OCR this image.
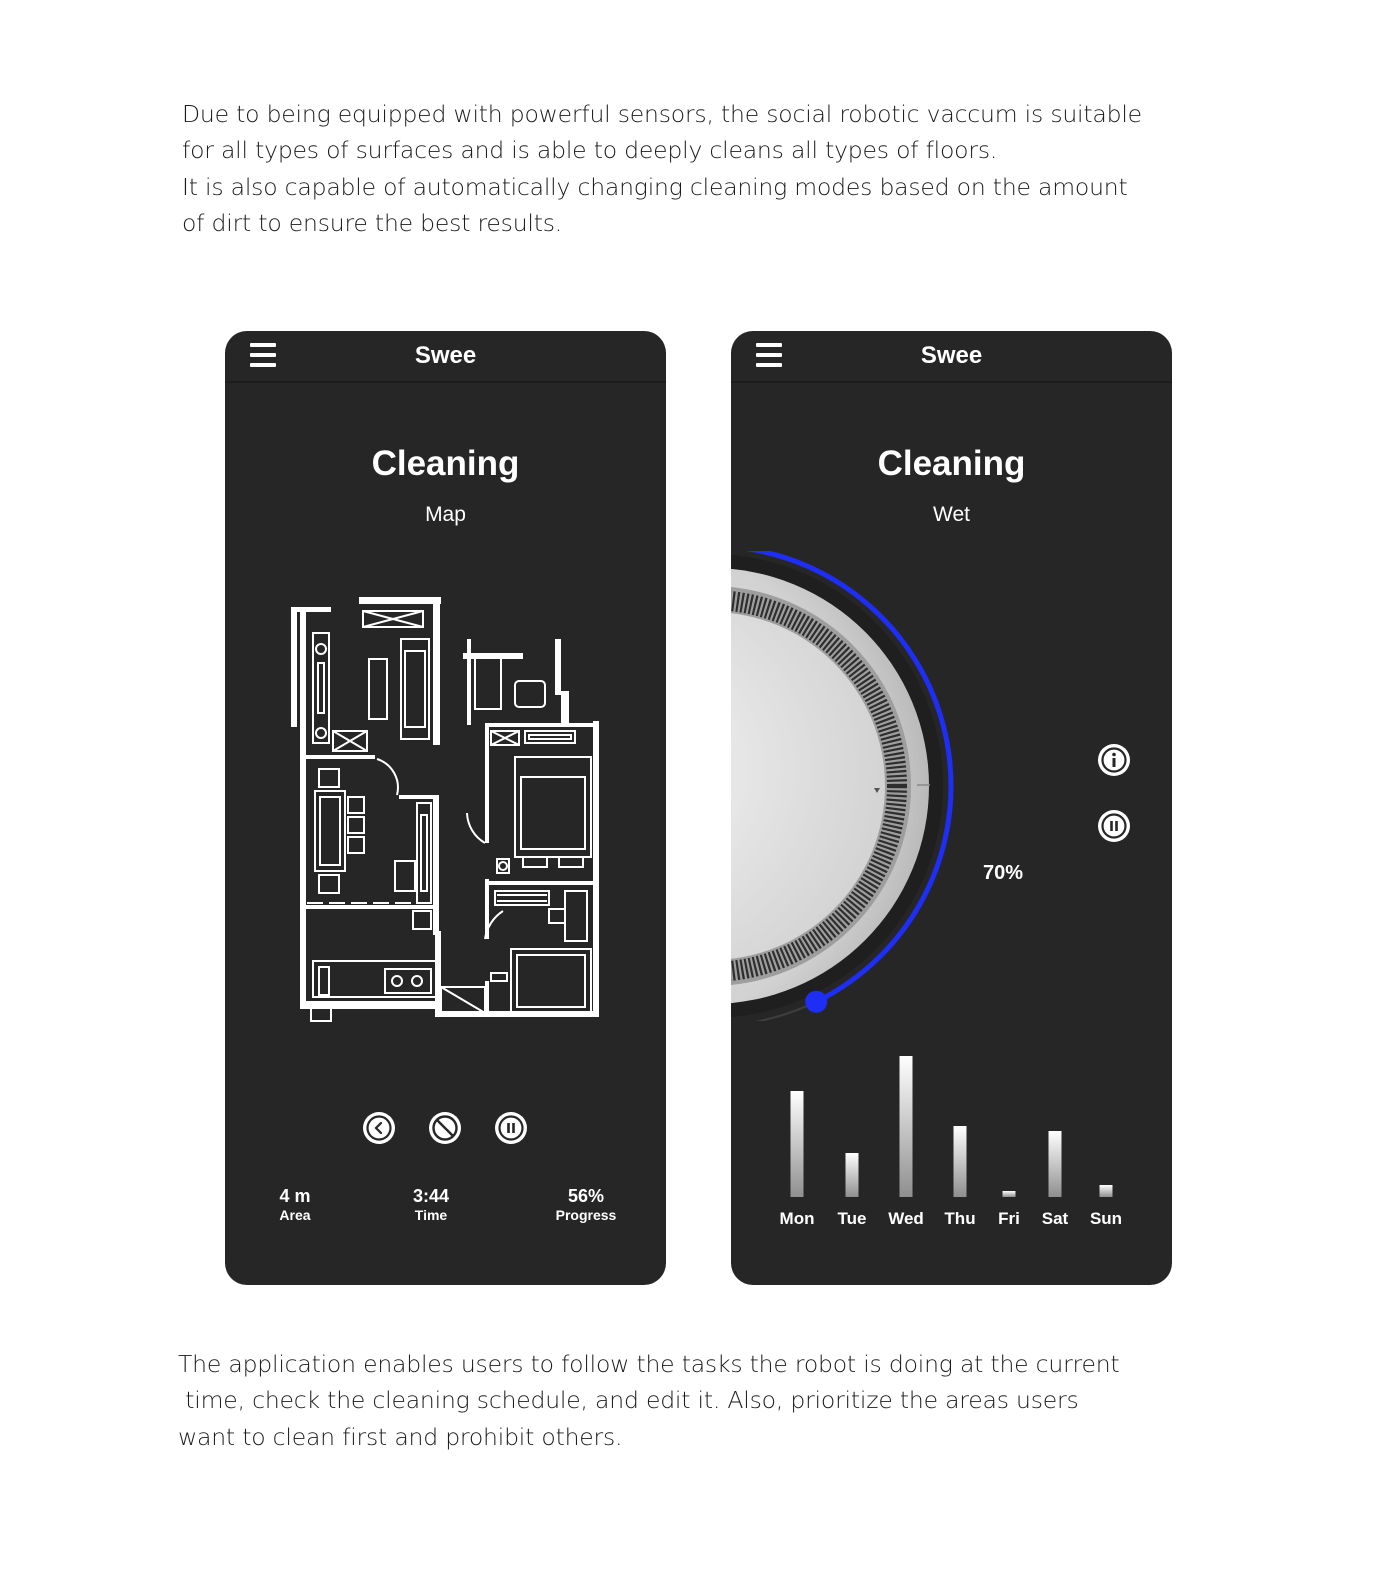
Due to being equipped with powerful sensors, the social robotic vaccum is suitable
for all types of surfaces and is able to deeply cleans all types of floors.
It is also capable of automatically changing cleaning modes based on the amount
of dirt to ensure the best results.
Swee
Cleaning
Map
4 m
Area
3:44
Time
56%
Progress
Swee
Cleaning
Wet
70%
Mon	Tue	Wed	Thu	Fri	Sat	Sun
The application enables users to follow the tasks the robot is doing at the current
time, check the cleaning schedule, and edit it. Also, prioritize the areas users
want to clean first and prohibit others.
